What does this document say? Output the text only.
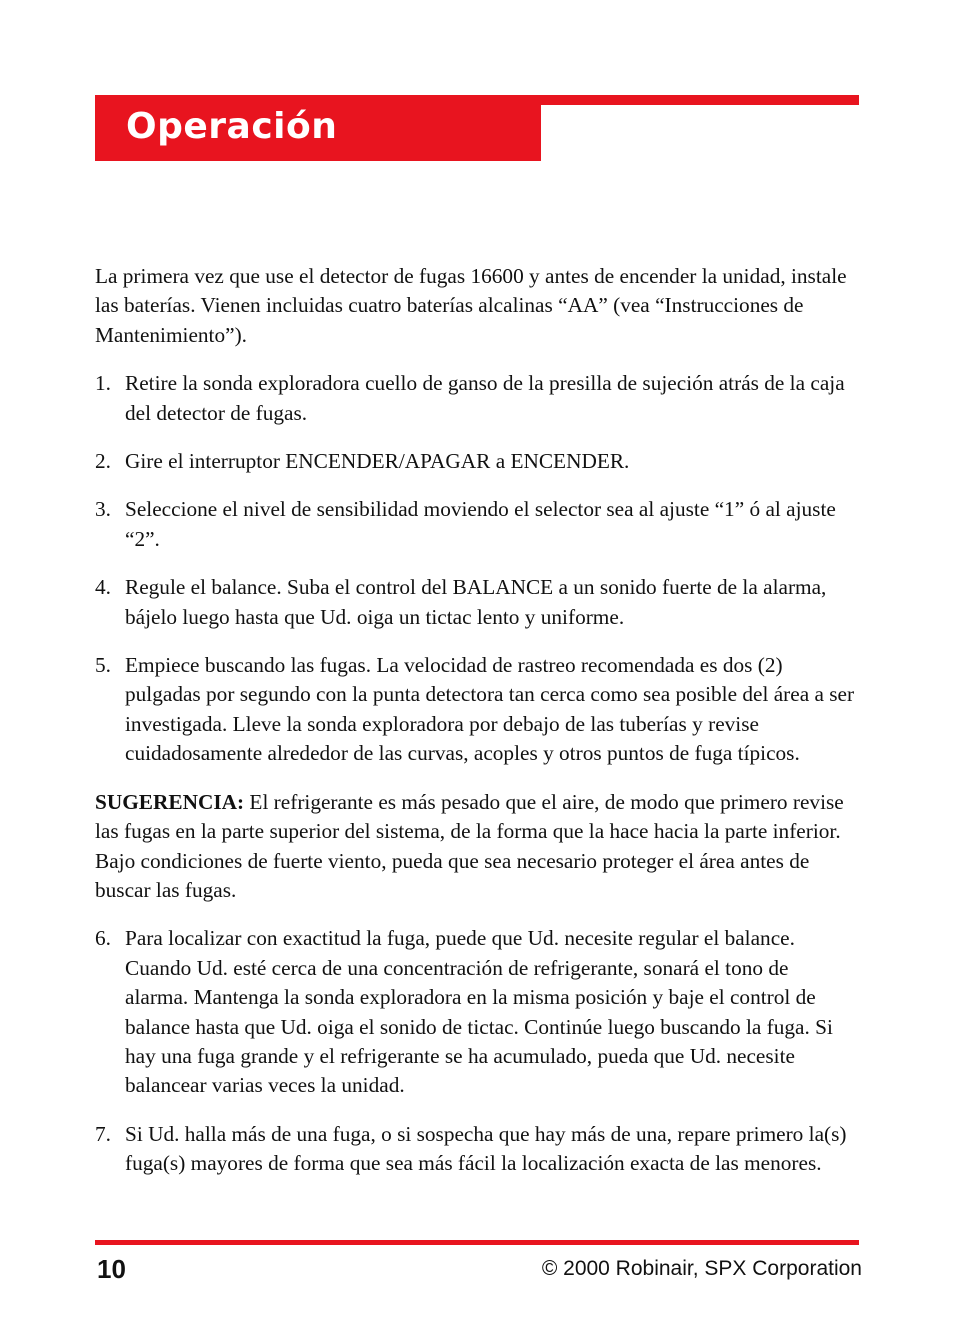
Operación

La primera vez que use el detector de fugas 16600 y antes de encender la unidad, instale las baterías. Vienen incluidas cuatro baterías alcalinas “AA” (vea “Instrucciones de Mantenimiento”).

1. Retire la sonda exploradora cuello de ganso de la presilla de sujeción atrás de la caja del detector de fugas.
2. Gire el interruptor ENCENDER/APAGAR a ENCENDER.
3. Seleccione el nivel de sensibilidad moviendo el selector sea al ajuste “1” ó al ajuste “2”.
4. Regule el balance. Suba el control del BALANCE a un sonido fuerte de la alarma, bájelo luego hasta que Ud. oiga un tictac lento y uniforme.
5. Empiece buscando las fugas. La velocidad de rastreo recomendada es dos (2) pulgadas por segundo con la punta detectora tan cerca como sea posible del área a ser investigada. Lleve la sonda exploradora por debajo de las tuberías y revise cuidadosamente alrededor de las curvas, acoples y otros puntos de fuga típicos.

SUGERENCIA: El refrigerante es más pesado que el aire, de modo que primero revise las fugas en la parte superior del sistema, de la forma que la hace hacia la parte inferior. Bajo condiciones de fuerte viento, pueda que sea necesario proteger el área antes de buscar las fugas.

6. Para localizar con exactitud la fuga, puede que Ud. necesite regular el balance. Cuando Ud. esté cerca de una concentración de refrigerante, sonará el tono de alarma. Mantenga la sonda exploradora en la misma posición y baje el control de balance hasta que Ud. oiga el sonido de tictac. Continúe luego buscando la fuga. Si hay una fuga grande y el refrigerante se ha acumulado, pueda que Ud. necesite balancear varias veces la unidad.
7. Si Ud. halla más de una fuga, o si sospecha que hay más de una, repare primero la(s) fuga(s) mayores de forma que sea más fácil la localización exacta de las menores.
10	© 2000 Robinair, SPX Corporation
